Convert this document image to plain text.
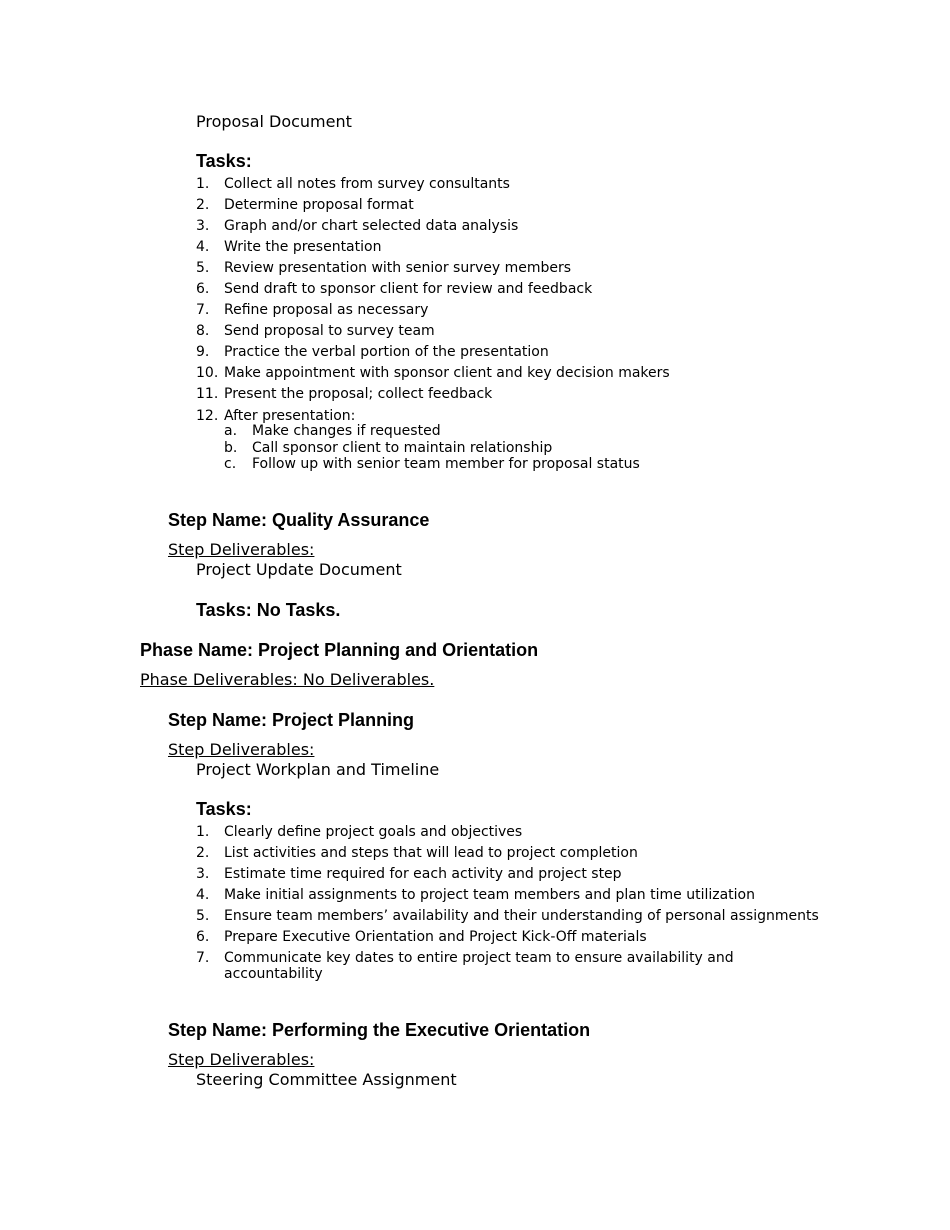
Proposal Document
Tasks:
1. Collect all notes from survey consultants
2. Determine proposal format
3. Graph and/or chart selected data analysis
4. Write the presentation
5. Review presentation with senior survey members
6. Send draft to sponsor client for review and feedback
7. Refine proposal as necessary
8. Send proposal to survey team
9. Practice the verbal portion of the presentation
10. Make appointment with sponsor client and key decision makers
11. Present the proposal; collect feedback
12. After presentation:
a. Make changes if requested
b. Call sponsor client to maintain relationship
c. Follow up with senior team member for proposal status
Step Name: Quality Assurance
Step Deliverables:
Project Update Document
Tasks: No Tasks.
Phase Name: Project Planning and Orientation
Phase Deliverables: No Deliverables.
Step Name: Project Planning
Step Deliverables:
Project Workplan and Timeline
Tasks:
1. Clearly define project goals and objectives
2. List activities and steps that will lead to project completion
3. Estimate time required for each activity and project step
4. Make initial assignments to project team members and plan time utilization
5. Ensure team members’ availability and their understanding of personal assignments
6. Prepare Executive Orientation and Project Kick-Off materials
7. Communicate key dates to entire project team to ensure availability and accountability
Step Name: Performing the Executive Orientation
Step Deliverables:
Steering Committee Assignment
